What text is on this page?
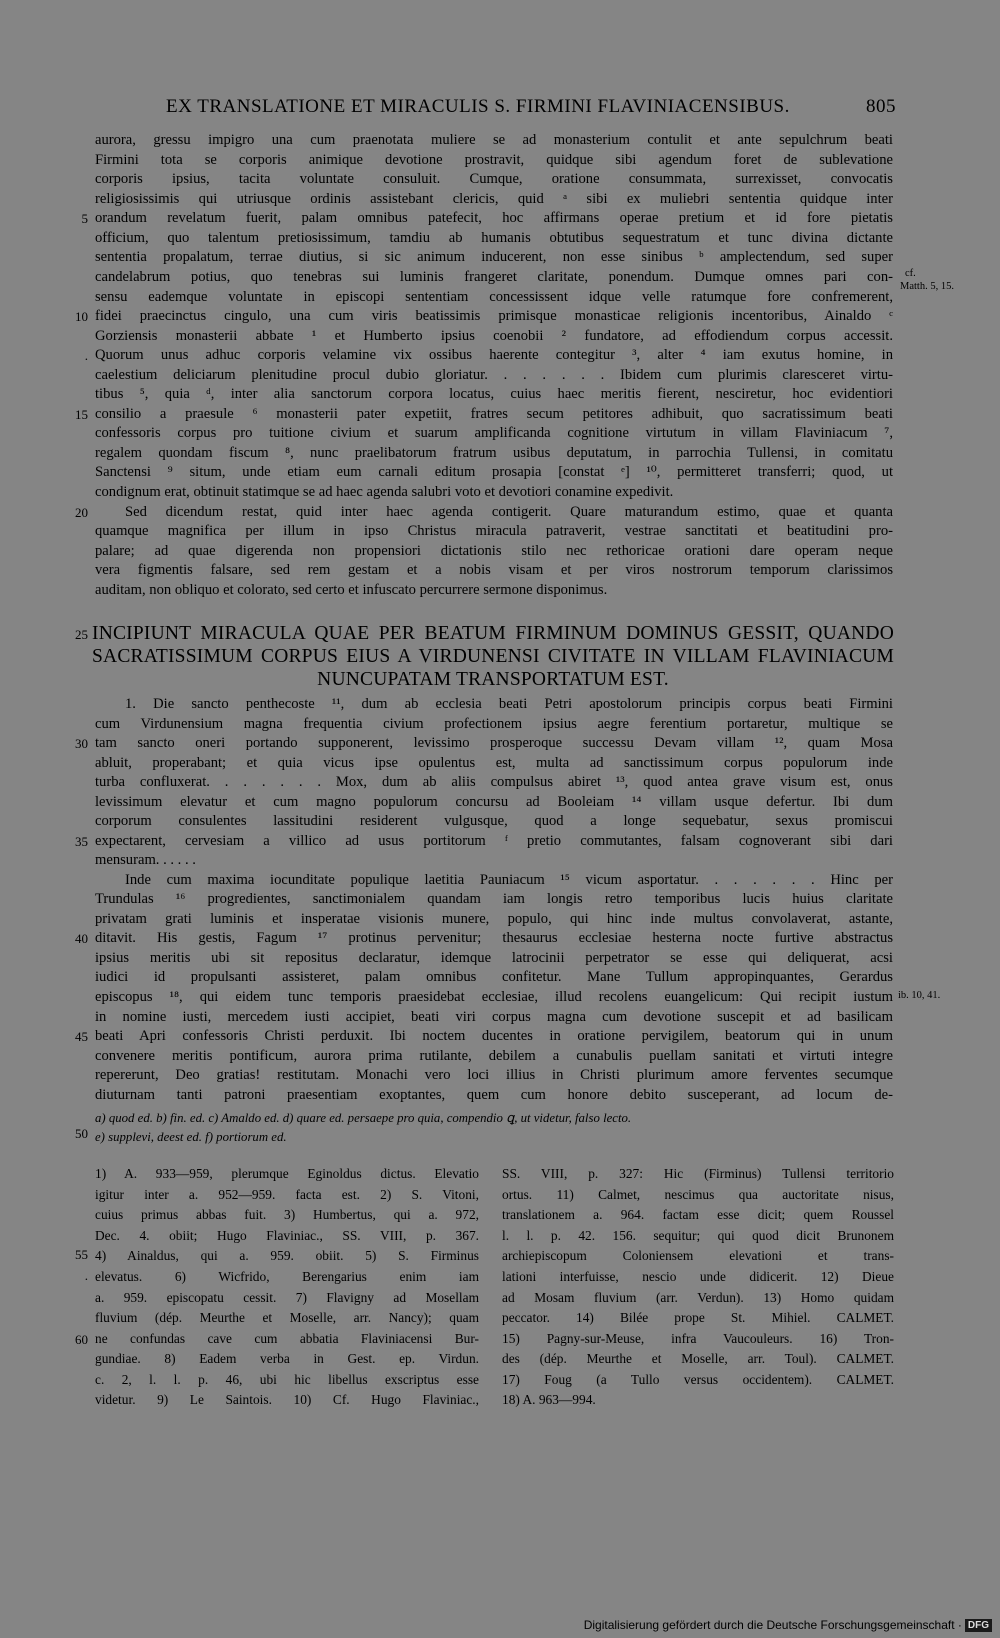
EX TRANSLATIONE ET MIRACULIS S. FIRMINI FLAVINIACENSIBUS.	805
aurora, gressu impigro una cum praenotata muliere se ad monasterium contulit et ante sepulchrum beati
Firmini tota se corporis animique devotione prostravit, quidque sibi agendum foret de sublevatione
corporis ipsius, tacita voluntate consuluit. Cumque, oratione consummata, surrexisset, convocatis
religiosissimis qui utriusque ordinis assistebant clericis, quid ᵃ sibi ex muliebri sententia quidque inter
orandum revelatum fuerit, palam omnibus patefecit, hoc affirmans operae pretium et id fore pietatis
officium, quo talentum pretiosissimum, tamdiu ab humanis obtutibus sequestratum et tunc divina dictante
sententia propalatum, terrae diutius, si sic animum inducerent, non esse sinibus ᵇ amplectendum, sed super
candelabrum potius, quo tenebras sui luminis frangeret claritate, ponendum. Dumque omnes pari con-
sensu eademque voluntate in episcopi sententiam concessissent idque velle ratumque fore confremerent,
fidei praecinctus cingulo, una cum viris beatissimis primisque monasticae religionis incentoribus, Ainaldo ᶜ
Gorziensis monasterii abbate ¹ et Humberto ipsius coenobii ² fundatore, ad effodiendum corpus accessit.
Quorum unus adhuc corporis velamine vix ossibus haerente contegitur ³, alter ⁴ iam exutus homine, in
caelestium deliciarum plenitudine procul dubio gloriatur. . . . . . . Ibidem cum plurimis claresceret virtu-
tibus ⁵, quia ᵈ, inter alia sanctorum corpora locatus, cuius haec meritis fierent, nesciretur, hoc evidentiori
consilio a praesule ⁶ monasterii pater expetiit, fratres secum petitores adhibuit, quo sacratissimum beati
confessoris corpus pro tuitione civium et suarum amplificanda cognitione virtutum in villam Flaviniacum ⁷,
regalem quondam fiscum ⁸, nunc praelibatorum fratrum usibus deputatum, in parrochia Tullensi, in comitatu
Sanctensi ⁹ situm, unde etiam eum carnali editum prosapia [constat ᵉ] ¹⁰, permitteret transferri; quod, ut
condignum erat, obtinuit statimque se ad haec agenda salubri voto et devotiori conamine expedivit.
Sed dicendum restat, quid inter haec agenda contigerit. Quare maturandum estimo, quae et quanta
quamque magnifica per illum in ipso Christus miracula patraverit, vestrae sanctitati et beatitudini pro-
palare; ad quae digerenda non propensiori dictationis stilo nec rethoricae orationi dare operam neque
vera figmentis falsare, sed rem gestam et a nobis visam et per viros nostrorum temporum clarissimos
auditam, non obliquo et colorato, sed certo et infuscato percurrere sermone disponimus.
INCIPIUNT MIRACULA QUAE PER BEATUM FIRMINUM DOMINUS GESSIT, QUANDO
SACRATISSIMUM CORPUS EIUS A VIRDUNENSI CIVITATE IN VILLAM FLAVINIACUM
NUNCUPATAM TRANSPORTATUM EST.
1. Die sancto penthecoste ¹¹, dum ab ecclesia beati Petri apostolorum principis corpus beati Firmini
cum Virdunensium magna frequentia civium profectionem ipsius aegre ferentium portaretur, multique se
tam sancto oneri portando supponerent, levissimo prosperoque successu Devam villam ¹², quam Mosa
abluit, properabant; et quia vicus ipse opulentus est, multa ad sanctissimum corpus populorum inde
turba confluxerat. . . . . . . Mox, dum ab aliis compulsus abiret ¹³, quod antea grave visum est, onus
levissimum elevatur et cum magno populorum concursu ad Booleiam ¹⁴ villam usque defertur. Ibi dum
corporum consulentes lassitudini residerent vulgusque, quod a longe sequebatur, sexus promiscui
expectarent, cervesiam a villico ad usus portitorum ᶠ pretio commutantes, falsam cognoverant sibi dari
mensuram. . . . . .
Inde cum maxima iocunditate populique laetitia Pauniacum ¹⁵ vicum asportatur. . . . . . . Hinc per
Trundulas ¹⁶ progredientes, sanctimonialem quandam iam longis retro temporibus lucis huius claritate
privatam grati luminis et insperatae visionis munere, populo, qui hinc inde multus convolaverat, astante,
ditavit. His gestis, Fagum ¹⁷ protinus pervenitur; thesaurus ecclesiae hesterna nocte furtive abstractus
ipsius meritis ubi sit repositus declaratur, idemque latrocinii perpetrator se esse qui deliquerat, acsi
iudici id propulsanti assisteret, palam omnibus confitetur. Mane Tullum appropinquantes, Gerardus
episcopus ¹⁸, qui eidem tunc temporis praesidebat ecclesiae, illud recolens euangelicum: Qui recipit iustum
in nomine iusti, mercedem iusti accipiet, beati viri corpus magna cum devotione suscepit et ad basilicam
beati Apri confessoris Christi perduxit. Ibi noctem ducentes in oratione pervigilem, beatorum qui in unum
convenere meritis pontificum, aurora prima rutilante, debilem a cunabulis puellam sanitati et virtuti integre
repererunt, Deo gratias! restitutam. Monachi vero loci illius in Christi plurimum amore ferventes secumque
diuturnam tanti patroni praesentiam exoptantes, quem cum honore debito susceperant, ad locum de-
5
10
.
15
20
25
30
35
40
45
50
55
.
60
cf.
Matth. 5, 15.
ib. 10, 41.
a) quod ed. b) fin. ed. c) Amaldo ed. d) quare ed. persaepe pro quia, compendio ꝗ, ut videtur, falso lecto.
e) supplevi, deest ed. f) portiorum ed.
1) A. 933—959, plerumque Eginoldus dictus. Elevatio
igitur inter a. 952—959. facta est. 2) S. Vitoni,
cuius primus abbas fuit. 3) Humbertus, qui a. 972,
Dec. 4. obiit; Hugo Flaviniac., SS. VIII, p. 367.
4) Ainaldus, qui a. 959. obiit. 5) S. Firminus
elevatus. 6) Wicfrido, Berengarius enim iam
a. 959. episcopatu cessit. 7) Flavigny ad Mosellam
fluvium (dép. Meurthe et Moselle, arr. Nancy); quam
ne confundas cave cum abbatia Flaviniacensi Bur-
gundiae. 8) Eadem verba in Gest. ep. Virdun.
c. 2, l. l. p. 46, ubi hic libellus exscriptus esse
videtur. 9) Le Saintois. 10) Cf. Hugo Flaviniac.,
SS. VIII, p. 327: Hic (Firminus) Tullensi territorio
ortus. 11) Calmet, nescimus qua auctoritate nisus,
translationem a. 964. factam esse dicit; quem Roussel
l. l. p. 42. 156. sequitur; qui quod dicit Brunonem
archiepiscopum Coloniensem elevationi et trans-
lationi interfuisse, nescio unde didicerit. 12) Dieue
ad Mosam fluvium (arr. Verdun). 13) Homo quidam
peccator. 14) Bilée prope St. Mihiel. CALMET.
15) Pagny-sur-Meuse, infra Vaucouleurs. 16) Tron-
des (dép. Meurthe et Moselle, arr. Toul). CALMET.
17) Foug (a Tullo versus occidentem). CALMET.
18) A. 963—994.
Digitalisierung gefördert durch die Deutsche Forschungsgemeinschaft · DFG
